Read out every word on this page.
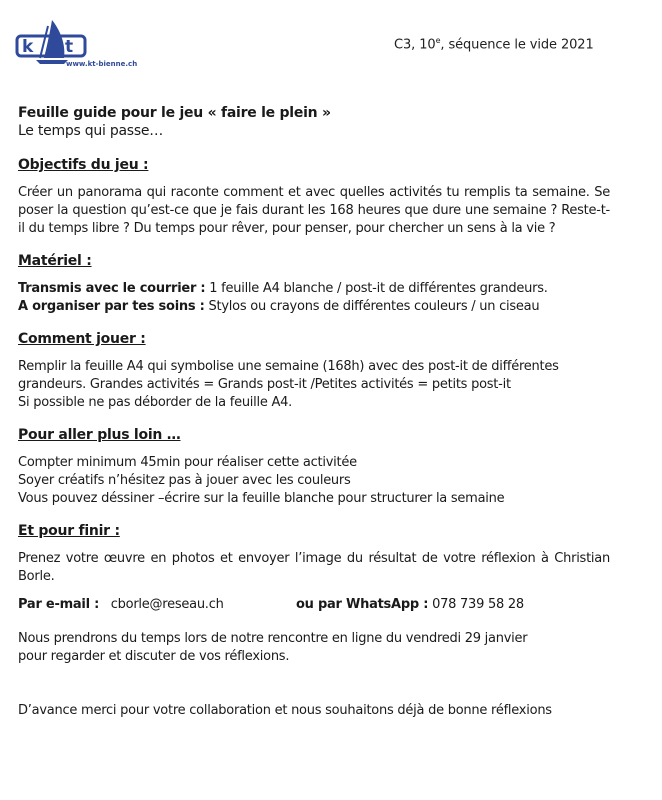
k t
www.kt-bienne.ch
C3, 10e, séquence le vide 2021

Feuille guide pour le jeu « faire le plein »

Le temps qui passe…

Objectifs du jeu :

Créer un panorama qui raconte comment et avec quelles activités tu remplis ta semaine. Se poser la question qu’est-ce que je fais durant les 168 heures que dure une semaine ? Reste-t-il du temps libre ? Du temps pour rêver, pour penser, pour chercher un sens à la vie ?

Matériel :

Transmis avec le courrier : 1 feuille A4 blanche / post-it de différentes grandeurs.

A organiser par tes soins : Stylos ou crayons de différentes couleurs / un ciseau

Comment jouer :

Remplir la feuille A4 qui symbolise une semaine (168h) avec des post-it de différentes grandeurs. Grandes activités = Grands post-it /Petites activités = petits post-it

Si possible ne pas déborder de la feuille A4.

Pour aller plus loin …

Compter minimum 45min pour réaliser cette activitée

Soyer créatifs n’hésitez pas à jouer avec les couleurs

Vous pouvez déssiner –écrire sur la feuille blanche pour structurer la semaine

Et pour finir :

Prenez votre œuvre en photos et envoyer l’image du résultat de votre réflexion à Christian Borle.

Par e-mail : cborle@reseau.ch	ou par WhatsApp : 078 739 58 28

Nous prendrons du temps lors de notre rencontre en ligne du vendredi 29 janvier pour regarder et discuter de vos réflexions.

D’avance merci pour votre collaboration et nous souhaitons déjà de bonne réflexions
